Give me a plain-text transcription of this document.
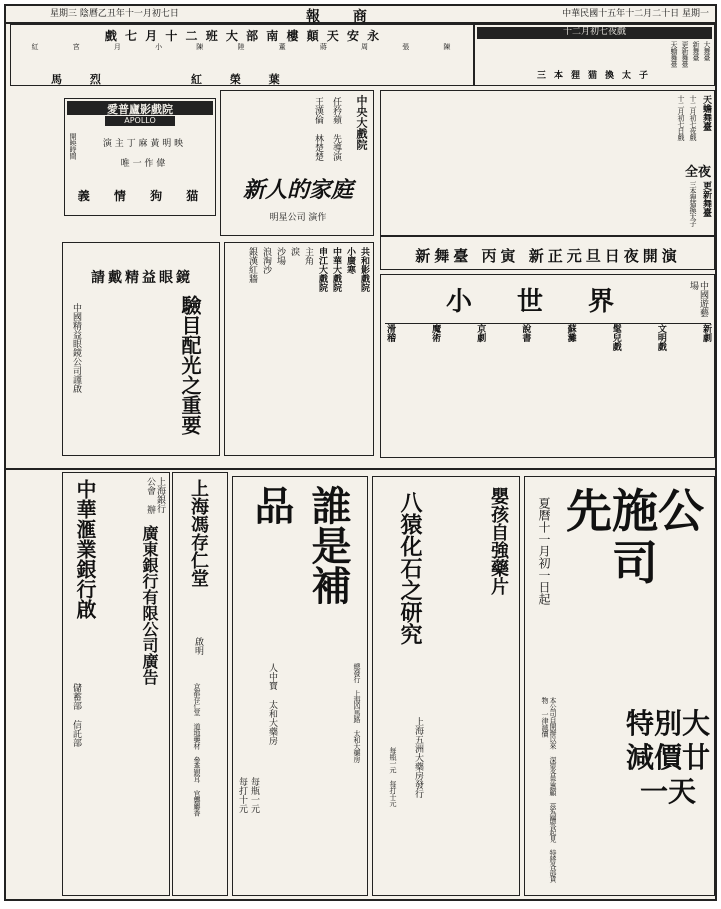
中華民國十五年十二月二十日 星期一
報 商
星期三 陰曆乙丑年十一月初七日
十二月初七夜戲
三本狸猫換太子
大舞臺
新舞臺
更新舞臺
天蟾舞臺
戲 七 月 十 二 班 大 部 南 樓 顛 天 安 永
陳
張
周
蔣
董
陸
陳
小
月
宮
紅
紅 榮 葉
馬 烈
愛普廬影戲院
APOLLO
演 主 丁 麻 黃 明 映
唯 一 作 偉
義 情 狗 猫
開映時間	中央大戲院
任矜蘋 先導演
王漢倫 林楚楚
新人的家庭
明星公司 演作
天蟾舞臺
十二月初七夜戲
十二月初七日戲
全夜
更新舞臺
三本狸猫換太子
新舞臺 丙寅 新正元旦日夜開演
請戴精益眼鏡
驗目配光之重要
中國精益眼鏡公司謹啟
共和影戲院
小廣寒
中華大戲院
申江大戲院
主角
淚
沙場
浪淘沙
銀漢紅牆
小 世 界	中國遊藝場
新劇
文明戲
髦兒戲
蘇灘
說書
京劇
魔術
滑稽
中華滙業銀行啟	上海銀行公會 辦
廣東銀行有限公司廣告
儲蓄部 信託部
上海馮存仁堂
啟明
京都存仁堂 道地藥材 參燕銀耳 官礱麝香
誰是補品
人中寶 太和大藥房
每瓶一元
每打十元
總發行 上海四馬路 太和大藥房
嬰孩自強藥片
八猿化石之研究
上海五洲大藥房發行
每瓶一元 每打十元
先施公司
夏曆十一月初一日起
本公司自開辦以來 深蒙各界惠顧 茲為酬答起見 特將各部貨物 一律減價	特別大減價廿一天
